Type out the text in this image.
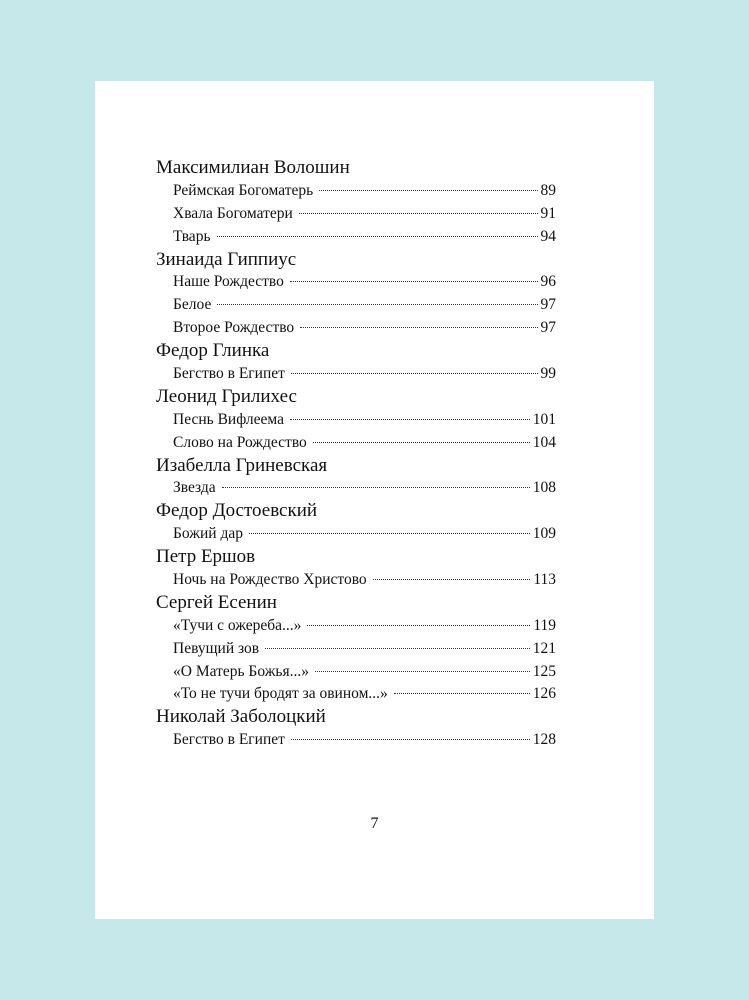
Максимилиан Волошин
Реймская Богоматерь	89
Хвала Богоматери	91
Тварь	94
Зинаида Гиппиус
Наше Рождество	96
Белое	97
Второе Рождество	97
Федор Глинка
Бегство в Египет	99
Леонид Грилихес
Песнь Вифлеема	101
Слово на Рождество	104
Изабелла Гриневская
Звезда	108
Федор Достоевский
Божий дар	109
Петр Ершов
Ночь на Рождество Христово	113
Сергей Есенин
«Тучи с ожереба...»	119
Певущий зов	121
«О Матерь Божья...»	125
«То не тучи бродят за овином...»	126
Николай Заболоцкий
Бегство в Египет	128
7
